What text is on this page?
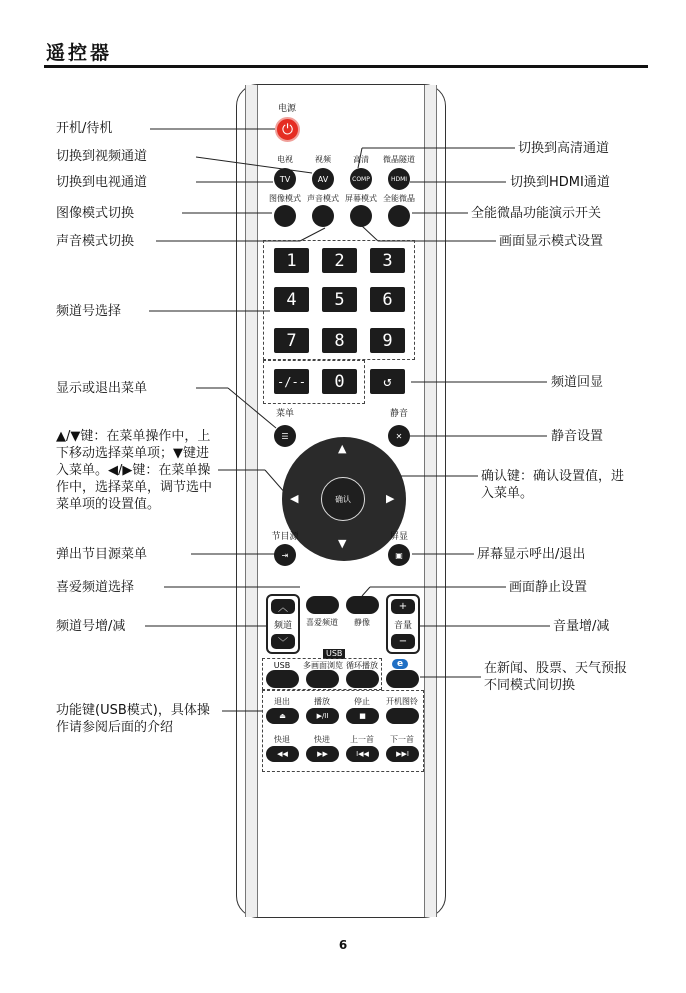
遥控器
开机/待机
切换到视频通道
切换到电视通道
图像模式切换
声音模式切换
频道号选择
显示或退出菜单
▲/▼键：在菜单操作中，上下移动选择菜单项；▼键进入菜单。◀/▶键：在菜单操作中，选择菜单，调节选中菜单项的设置值。
弹出节目源菜单
喜爱频道选择
频道号增/减
功能键(USB模式)，具体操作请参阅后面的介绍
切换到高清通道
切换到HDMI通道
全能微晶功能演示开关
画面显示模式设置
频道回显
静音设置
确认键：确认设置值，进入菜单。
屏幕显示呼出/退出
画面静止设置
音量增/减
在新闻、股票、天气预报不同模式间切换
电源
⏻
电视	视频	高清 微晶隧道
TV	AV	COMP	HDMI
图像模式 声音模式 屏幕模式 全能微晶
1	2	3
4	5	6
7	8	9
-/--	0	↺
菜单
☰
静音
✕
▲
▼
◀	▶
确认
节目源
⇥
屏显
▣
︿
频道
﹀
+
音量
−
喜爱频道 静像
USB
e
USB 多画面浏览 循环播放
退出	播放	停止 开机图铃
⏏	▶/II	■
快退	快进	上一首 下一首
◀◀	▶▶	I◀◀	▶▶I
6
